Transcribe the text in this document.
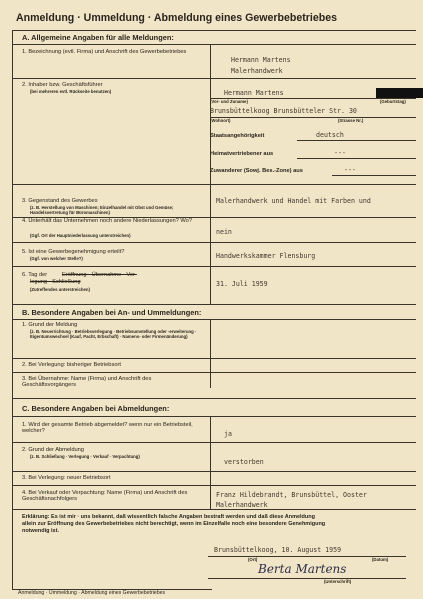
Anmeldung · Ummeldung · Abmeldung eines Gewerbebetriebes
A. Allgemeine Angaben für alle Meldungen:
1. Bezeichnung (evtl. Firma) und Anschrift des Gewerbebetriebes
Hermann Martens
Malerhandwerk
2. Inhaber bzw. Geschäftsführer
(bei mehreren evtl. Rückseite benutzen)	Hermann Martens
(Vor- und Zuname)	(Geburtstag)
Brunsbüttelkoog Brunsbütteler Str. 30
(Wohnort)	(Strasse Nr.)
Staatsangehörigkeit	deutsch
Heimatvertriebener aus	---
Zuwanderer (Sowj. Bes.-Zone) aus	---
3. Gegenstand des Gewerbes
(z. B. Herstellung von Maschinen; Einzelhandel mit Obst und Gemüse; Handelsvertretung für Büromaschinen)
Malerhandwerk und Handel mit Farben und
4. Unterhält das Unternehmen noch andere Niederlassungen? Wo?
(Ggf. Ort der Hauptniederlassung unterstreichen)	nein
5. Ist eine Gewerbegenehmigung erteilt?
(Ggf. von welcher Stelle?)	Handwerkskammer Flensburg
6. Tag der	Eröffnung · Übernahme · Ver-
legung · Schließung
(Zutreffendes unterstreichen)
31. Juli 1959
B. Besondere Angaben bei An- und Ummeldungen:
1. Grund der Meldung
(z. B. Neuerrichtung · Betriebsverlegung · Betriebsumstellung oder -erweiterung · Eigentumswechsel (Kauf, Pacht, Erbschaft) · Namens- oder Firmenänderung)
2. Bei Verlegung: bisheriger Betriebsort
3. Bei Übernahme: Name (Firma) und Anschrift des Geschäftsvorgängers
C. Besondere Angaben bei Abmeldungen:
1. Wird der gesamte Betrieb abgemeldet? wenn nur ein Betriebsteil, welcher?	ja
2. Grund der Abmeldung
(z. B. Schließung · Verlegung · Verkauf · Verpachtung)
verstorben
3. Bei Verlegung: neuer Betriebsort
4. Bei Verkauf oder Verpachtung: Name (Firma) und Anschrift des Geschäftsnachfolgers
Franz Hildebrandt, Brunsbüttel, Ooster
Malerhandwerk
Erklärung: Es ist mir · uns bekannt, daß wissentlich falsche Angaben bestraft werden und daß diese Anmeldung
allein zur Eröffnung des Gewerbebetriebes nicht berechtigt, wenn im Einzelfalle noch eine besondere Genehmigung
notwendig ist.
Brunsbüttelkoog, 10. August 1959
(Ort)	(Datum)
Berta Martens
(Unterschrift)
Anmeldung · Ummeldung · Abmeldung eines Gewerbebetriebes
